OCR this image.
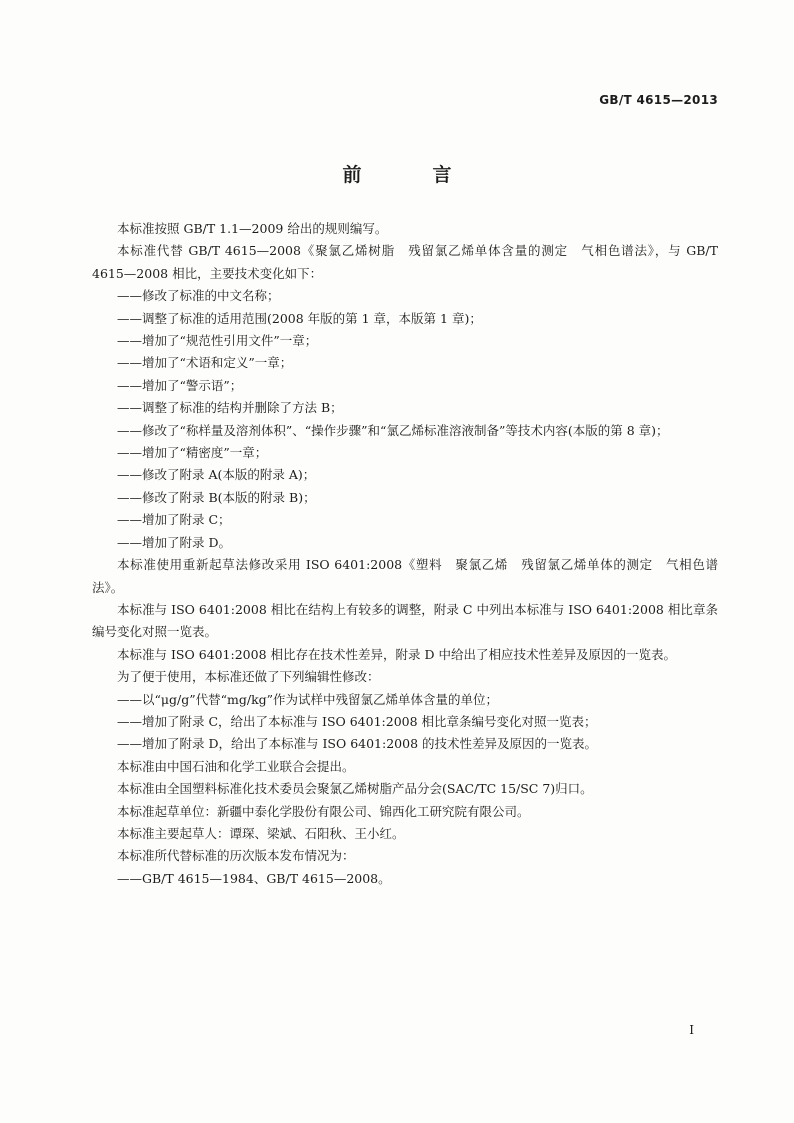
GB/T 4615—2013
前　言

本标准按照 GB/T 1.1—2009 给出的规则编写。

本标准代替 GB/T 4615—2008《聚氯乙烯树脂　残留氯乙烯单体含量的测定　气相色谱法》，与 GB/T 4615—2008 相比，主要技术变化如下：

——修改了标准的中文名称；

——调整了标准的适用范围(2008 年版的第 1 章，本版第 1 章)；

——增加了“规范性引用文件”一章；

——增加了“术语和定义”一章；

——增加了“警示语”；

——调整了标准的结构并删除了方法 B；

——修改了“称样量及溶剂体积”、“操作步骤”和“氯乙烯标准溶液制备”等技术内容(本版的第 8 章)；

——增加了“精密度”一章；

——修改了附录 A(本版的附录 A)；

——修改了附录 B(本版的附录 B)；

——增加了附录 C；

——增加了附录 D。

本标准使用重新起草法修改采用 ISO 6401:2008《塑料　聚氯乙烯　残留氯乙烯单体的测定　气相色谱法》。

本标准与 ISO 6401:2008 相比在结构上有较多的调整，附录 C 中列出本标准与 ISO 6401:2008 相比章条编号变化对照一览表。

本标准与 ISO 6401:2008 相比存在技术性差异，附录 D 中给出了相应技术性差异及原因的一览表。

为了便于使用，本标准还做了下列编辑性修改：

——以“μg/g”代替“mg/kg”作为试样中残留氯乙烯单体含量的单位；

——增加了附录 C，给出了本标准与 ISO 6401:2008 相比章条编号变化对照一览表；

——增加了附录 D，给出了本标准与 ISO 6401:2008 的技术性差异及原因的一览表。

本标准由中国石油和化学工业联合会提出。

本标准由全国塑料标准化技术委员会聚氯乙烯树脂产品分会(SAC/TC 15/SC 7)归口。

本标准起草单位：新疆中泰化学股份有限公司、锦西化工研究院有限公司。

本标准主要起草人：谭琛、梁斌、石阳秋、王小红。

本标准所代替标准的历次版本发布情况为：

——GB/T 4615—1984、GB/T 4615—2008。

I
